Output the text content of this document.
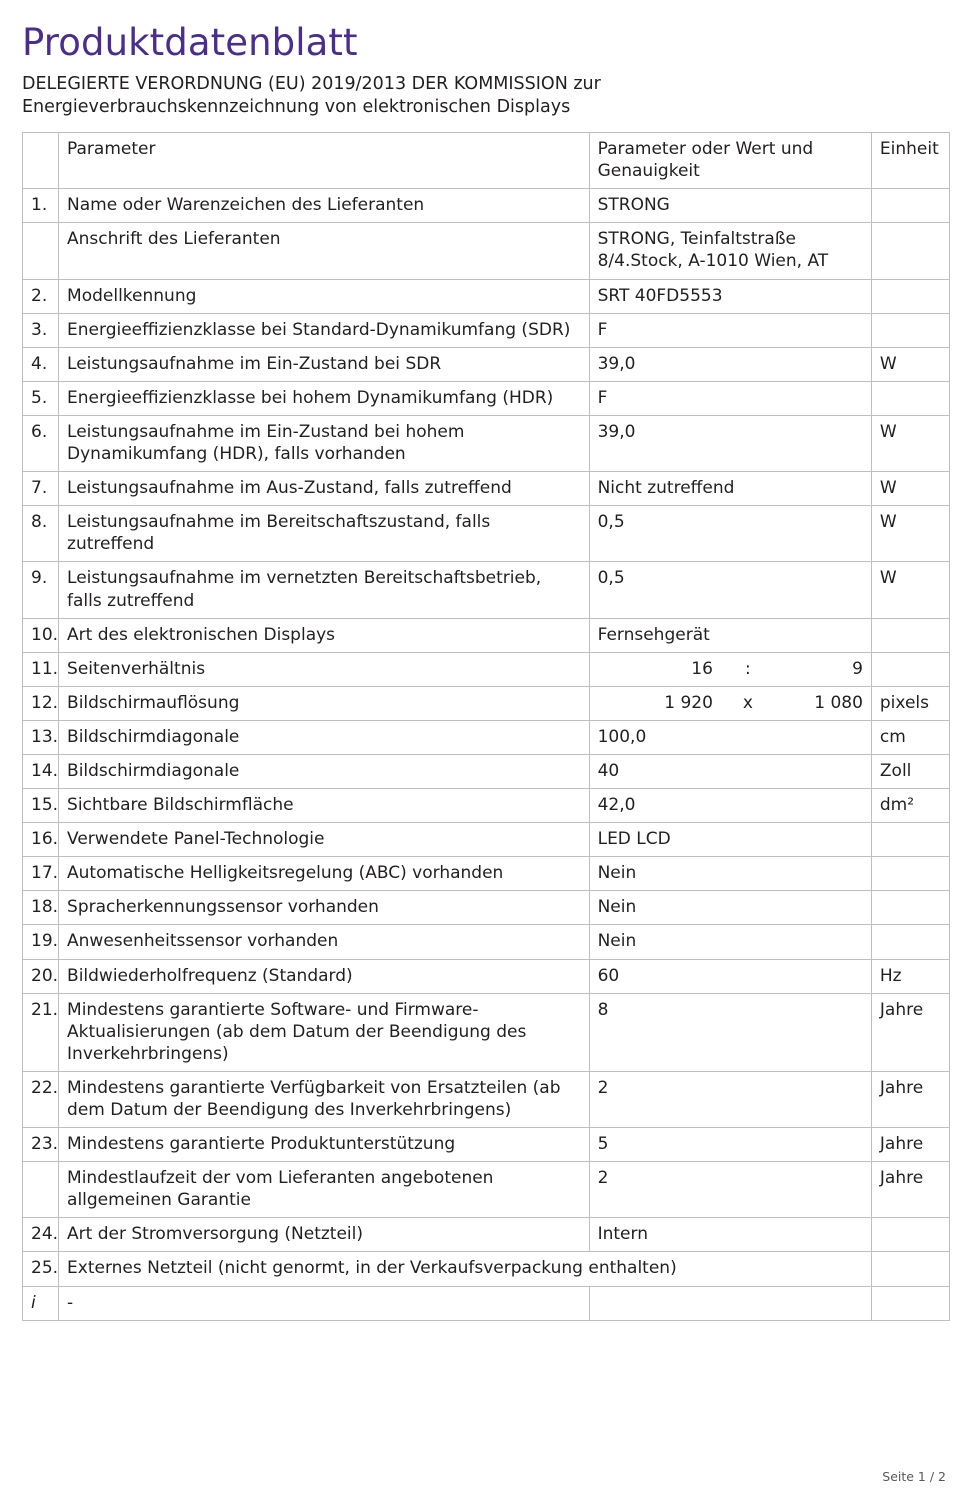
Produktdatenblatt
DELEGIERTE VERORDNUNG (EU) 2019/2013 DER KOMMISSION zur
Energieverbrauchskennzeichnung von elektronischen Displays
	Parameter	Parameter oder Wert und
Genauigkeit	Einheit
1.	Name oder Warenzeichen des Lieferanten	STRONG	
	Anschrift des Lieferanten	STRONG, Teinfaltstraße 8/4.Stock, A-1010 Wien, AT	
2.	Modellkennung	SRT 40FD5553	
3.	Energieeffizienzklasse bei Standard-Dynamikumfang (SDR)	F	
4.	Leistungsaufnahme im Ein-Zustand bei SDR	39,0	W
5.	Energieeffizienzklasse bei hohem Dynamikumfang (HDR)	F	
6.	Leistungsaufnahme im Ein-Zustand bei hohem Dynamikumfang (HDR), falls vorhanden	39,0	W
7.	Leistungsaufnahme im Aus-Zustand, falls zutreffend	Nicht zutreffend	W
8.	Leistungsaufnahme im Bereitschaftszustand, falls zutreffend	0,5	W
9.	Leistungsaufnahme im vernetzten Bereitschaftsbetrieb, falls zutreffend	0,5	W
10.	Art des elektronischen Displays	Fernsehgerät	
11.	Seitenverhältnis	16 : 9	

12.	Bildschirmauflösung	1 920 x 1 080	pixels
13.	Bildschirmdiagonale	100,0	cm
14.	Bildschirmdiagonale	40	Zoll
15.	Sichtbare Bildschirmfläche	42,0	dm²
16.	Verwendete Panel-Technologie	LED LCD	
17.	Automatische Helligkeitsregelung (ABC) vorhanden	Nein	
18.	Spracherkennungssensor vorhanden	Nein	
19.	Anwesenheitssensor vorhanden	Nein	
20.	Bildwiederholfrequenz (Standard)	60	Hz
21.	Mindestens garantierte Software- und Firmware-Aktualisierungen (ab dem Datum der Beendigung des Inverkehrbringens)	8	Jahre
22.	Mindestens garantierte Verfügbarkeit von Ersatzteilen (ab dem Datum der Beendigung des Inverkehrbringens)	2	Jahre
23.	Mindestens garantierte Produktunterstützung	5	Jahre
	Mindestlaufzeit der vom Lieferanten angebotenen allgemeinen Garantie	2	Jahre
24.	Art der Stromversorgung (Netzteil)	Intern	
25.	Externes Netzteil (nicht genormt, in der Verkaufsverpackung enthalten)		
i	-		
Seite 1 / 2
